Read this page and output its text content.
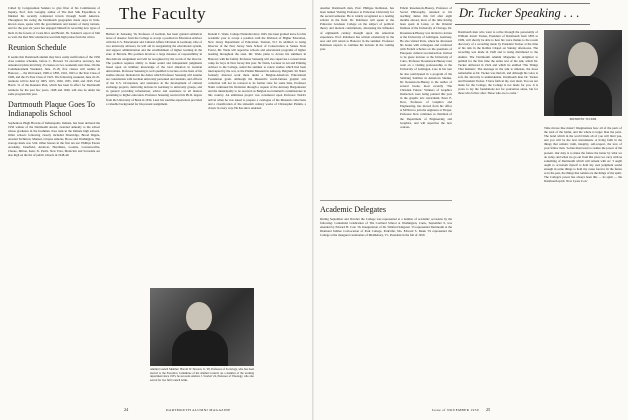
Called by Congressman Sanders to give fiber of his Commission of Inquiry, Prof. Jack Garaghy, author of The Red Silk Expedition, is finished his recently completed travels through South America. Throughout his swing the Dartmouth geographer made stops in little-known areas, spoke with the governments and leaders of many nations, and for the past six years has engaged himself in recording new types of birds in the forests of Costa Rica and Brazil. Dr. Sanders's report of him so well, the Red Silk volume has won him high praise from the critics.

Reunion Schedule

It seems that Dartmouth alumni may have easily notification of the 1950 class reunion schedule, before C. Howard '16 executive secretary, has announced plans involving 13 classes on two weekends next June. On the Commencement Weekend, June 15-18, five classes will reunite in Hanover — the Old Guard, 1900 or 1895, 1910, 1925 or the Year Class of 1900, and the 25-Year Class of 1925. The following weekend, June 22-25, reunions will be held by 1905, 1915, 1920, 1935, 1940, and 1945. Fred Harris '11 of the Reunion Plan, which has been in effect for Dartmouth reunions for the past few years, 1948 and 1949, will also be under the same program this year.

Dartmouth Plaque Goes To Indianapolis School

Sophomore Hugh Browns of Indianapolis, Indiana, has been declared the 1950 winner of the Dartmouth Award, awarded annually to the school whose graduates in the freshman class rank in the Indiana high schools. Other schools following closely included Shortridge, Broad Ripple, Arsenal Technical, Manual, Crispus Attucks, Howe and Washington. The average mark was 3.04. Other honors in the first ten are: Phillips Exeter Academy, Deerfield, Andover, Hotchkiss, Loomis, Lawrenceville, Choate, Milton, Kent, St. Paul's. New Trier, Montclair and Scarsdale are also high on the list of public schools in 1948-49.

The Faculty

Herbert R. Sensenig '16, Professor of German, has been granted sabbatical leave of absence from the College to accept a position in Education Advisor with the U.S. Educational and Cultural Affairs Division in Germany. One of two university advisors, he will aid in reorganizing the educational system, and support administration and the establishment of higher learning in the state of Bavaria. His position involves a large measure of responsibility in that delicate assignment and will be recognized by the words of the director. The position requires ability to make sound and independent judgments based upon an intimate knowledge of the total situation in German universities. Professor Sensenig is well qualified to lecture on the basis of his studies abroad. Included in the duties which Professor Sensenig will assume are consultation with German university personnel and students, and officers of the U.S. Occupation, and assistance in the development of cultural exchange projects, delivering lectures in Germany to university groups, and in general providing information, advice and assistance in all matters pertaining to higher education. Professor Sensenig received his Ph.D. degree from the University of Bonn in 1934. Later his wartime experiences provided a valuable background for his present assignment.

Donald C. Wade, College Naturalist since 1945, has been granted leave for this academic year to accept a position with the Division of Higher Education, New Jersey Department of Education, Trenton, N.J. In addition to being Director of the New Jersey State School of Conservation at Stokes State Forest, Mr. Wade will supervise schools and educational programs of higher learning throughout the state. Mr. Wade plans to devote his summers in Hanover with his family. Professor Sensenig will also supervise a conservation camp for boys in New Jersey this year. Sir Nairn, Lecturer in Art and Printing Advisor to the College, sailed the summer to renew studies which had been interrupted by the war, at the Plantin Museum in Antwerp, Belgium. Sir Nairn formerly directed work there under a Belgian-American Educational Foundation grant. Although the Museum's world-famous graphic arts collection will not be restored to its former state for some time, Professor Nairn continued his invitation through a request of the Antwerp Burgomaster and the municipality to be received as Belgian Government's commissioner in this country. An ambitious project was considered upon Professor Nairn's arrival when he was asked to prepare a catalogue of the Museum collections and a classification of the sixteenth century works of Christopher Plantin, a classic in every way. He has since returned.

Alumni Council Member: Harold W. Newton, Jr. '28, Professor of Sociology, who has been elected to the Executive Committee of the Alumni Council. As a member of the working department since 1935, he succeeds Andrew J. Scarlett '24, Professor of Theology, who also served for two full Council terms.
24	DARTMOUTH ALUMNI MAGAZINE

Another Dartmouth man, Prof. Philippe Robinson, has been named Visiting Professor at Princeton University for the second semester. He is widely recognized as a leading scholar in the field. Dr. Robinson will speak at the Princeton Graduate College on the subject of political theory and modern constitutions, discussing the influence of eighteenth century thought upon the American experience. Prof. Robinson has written extensively in the area and will return to Hanover in the summer. Professor Robinson expects to continue his lectures in the coming year.

Edwin Rosenstock-Huessy, Professor of Social Philosophy, returned to his teaching duties this fall after eight months abroad, most of the time having been spent in Lunar, at the Oriental Institute of the University of Chicago. Dr. Rosenstock-Huessy was invited to lecture at the University of Göttingen, Germany. He also visited Paris, where he discussed his books with colleagues and conferred with French scholars on the questions of European cultural reconstruction. Invited to be guest lecturer at the University of Cairo, Professor Rosenstock-Huessy later went on a visiting professorship at the University of Göttingen. Late in his tour he also participated in a program of the Salzburg Seminar in American Studies. Dr. Rosenstock-Huessy is the author of several books, most recently 'The Christian Future.' Winners of Graphics Instruction were being pointed this year in the graphic arts curriculum. Peter E. Dow, Professor of Graphics and Engineering, has moved from his office at McNutt to join the engineers at Thayer. Professor Dow continues as chairman of the Department of Engineering and Graphics, and will supervise the new courses.

Academic Delegates

During September and October the College was represented at a number of academic occasions by the following: Centennial Celebration of The Cortland School at Washington, Conn., September 9, was attended by Edward H. Cole '16. Inauguration of Dr. Winfred Kingston '13 represented Dartmouth at the Diamond Jubilee Convocation of Park College, Parkville, Mo. Edward S. Meek '19 represented the College at the inaugural ceremonies of Middlebury, Vt., President in the fall of 1950.

Dr. Tucker Speaking . . .

Dartmouth men who want to relive through the personality of William Jewett Tucker, President of Dartmouth from 1893 to 1909, will shortly be able to hear his voice thanks to the recent discovery of a recording made by President Tucker at the time of his talk in the Rollins Chapel on Sunday afternoons. The recording was made in 1920 and is being distributed to the alumni. The Dartmouth Alumni Magazine is delighted to publish for the first time the entire text of the talk, which Dr. Tucker delivered in 1924 and which he entitled 'The Things That Remain.' The message in the talk is timeless, the more remarkable as Dr. Tucker was then ill, and although his voice is soft, his sincerity is unmistakable. Dartmouth man Dr. Tucker and President Tucker. 'I have faith in my own ideal. You are not made for the College, the College is not made for you. It is yours to lay the foundations not for yourselves alone, but for those who follow after. Those who are to come.'

PRESIDENT TUCKER

Time moves like music! Imaginations how all of the parts of the total of the hymn, and the whole is larger than the parts. The bond which in the world binds all of you will bind you, and you will be the new instruments. A living faith in the things that remain: truth, integrity, self-respect, the love of your fellow man. 'A man must learn to realize the power of the present. Our duty is to make the future the better by what we do today, and when we go out from this place we carry with us something of Dartmouth which will remain with us.' 'I ought ought to accustom myself to hold my own judgment sound enough in some things to hold my cause forever. In the future as in the past, the things that remain are the things of the spirit. The College's power has always been this — its spirit — the Dartmouth spirit. Now I pass it on.'

Issue of NOVEMBER 1950 25
